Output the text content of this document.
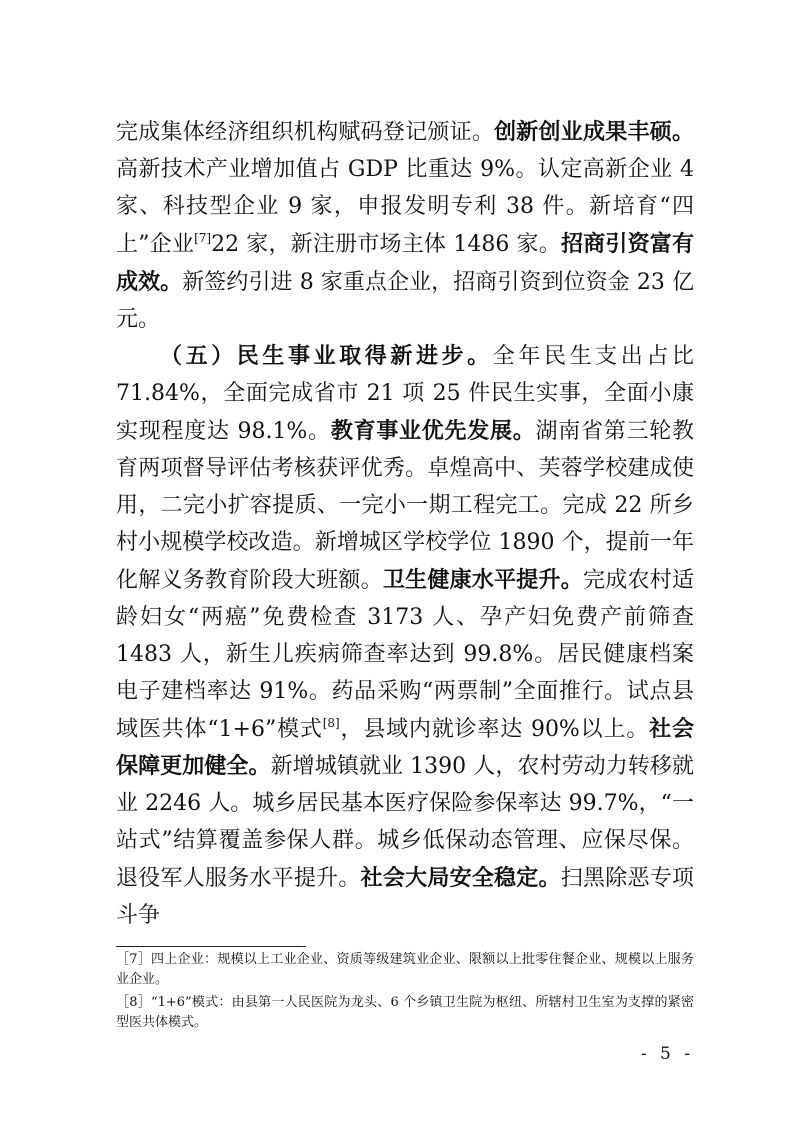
完成集体经济组织机构赋码登记颁证。创新创业成果丰硕。高新技术产业增加值占 GDP 比重达 9%。认定高新企业 4 家、科技型企业 9 家，申报发明专利 38 件。新培育“四上”企业[7]22 家，新注册市场主体 1486 家。招商引资富有成效。新签约引进 8 家重点企业，招商引资到位资金 23 亿元。

（五）民生事业取得新进步。全年民生支出占比 71.84%，全面完成省市 21 项 25 件民生实事，全面小康实现程度达 98.1%。教育事业优先发展。湖南省第三轮教育两项督导评估考核获评优秀。卓煌高中、芙蓉学校建成使用，二完小扩容提质、一完小一期工程完工。完成 22 所乡村小规模学校改造。新增城区学校学位 1890 个，提前一年化解义务教育阶段大班额。卫生健康水平提升。完成农村适龄妇女“两癌”免费检查 3173 人、孕产妇免费产前筛查 1483 人，新生儿疾病筛查率达到 99.8%。居民健康档案电子建档率达 91%。药品采购“两票制”全面推行。试点县域医共体“1+6”模式[8]，县域内就诊率达 90%以上。社会保障更加健全。新增城镇就业 1390 人，农村劳动力转移就业 2246 人。城乡居民基本医疗保险参保率达 99.7%，“一站式”结算覆盖参保人群。城乡低保动态管理、应保尽保。退役军人服务水平提升。社会大局安全稳定。扫黑除恶专项斗争

［7］四上企业：规模以上工业企业、资质等级建筑业企业、限额以上批零住餐企业、规模以上服务业企业。

［8］“1+6”模式：由县第一人民医院为龙头、6 个乡镇卫生院为枢纽、所辖村卫生室为支撑的紧密型医共体模式。

- 5 -
